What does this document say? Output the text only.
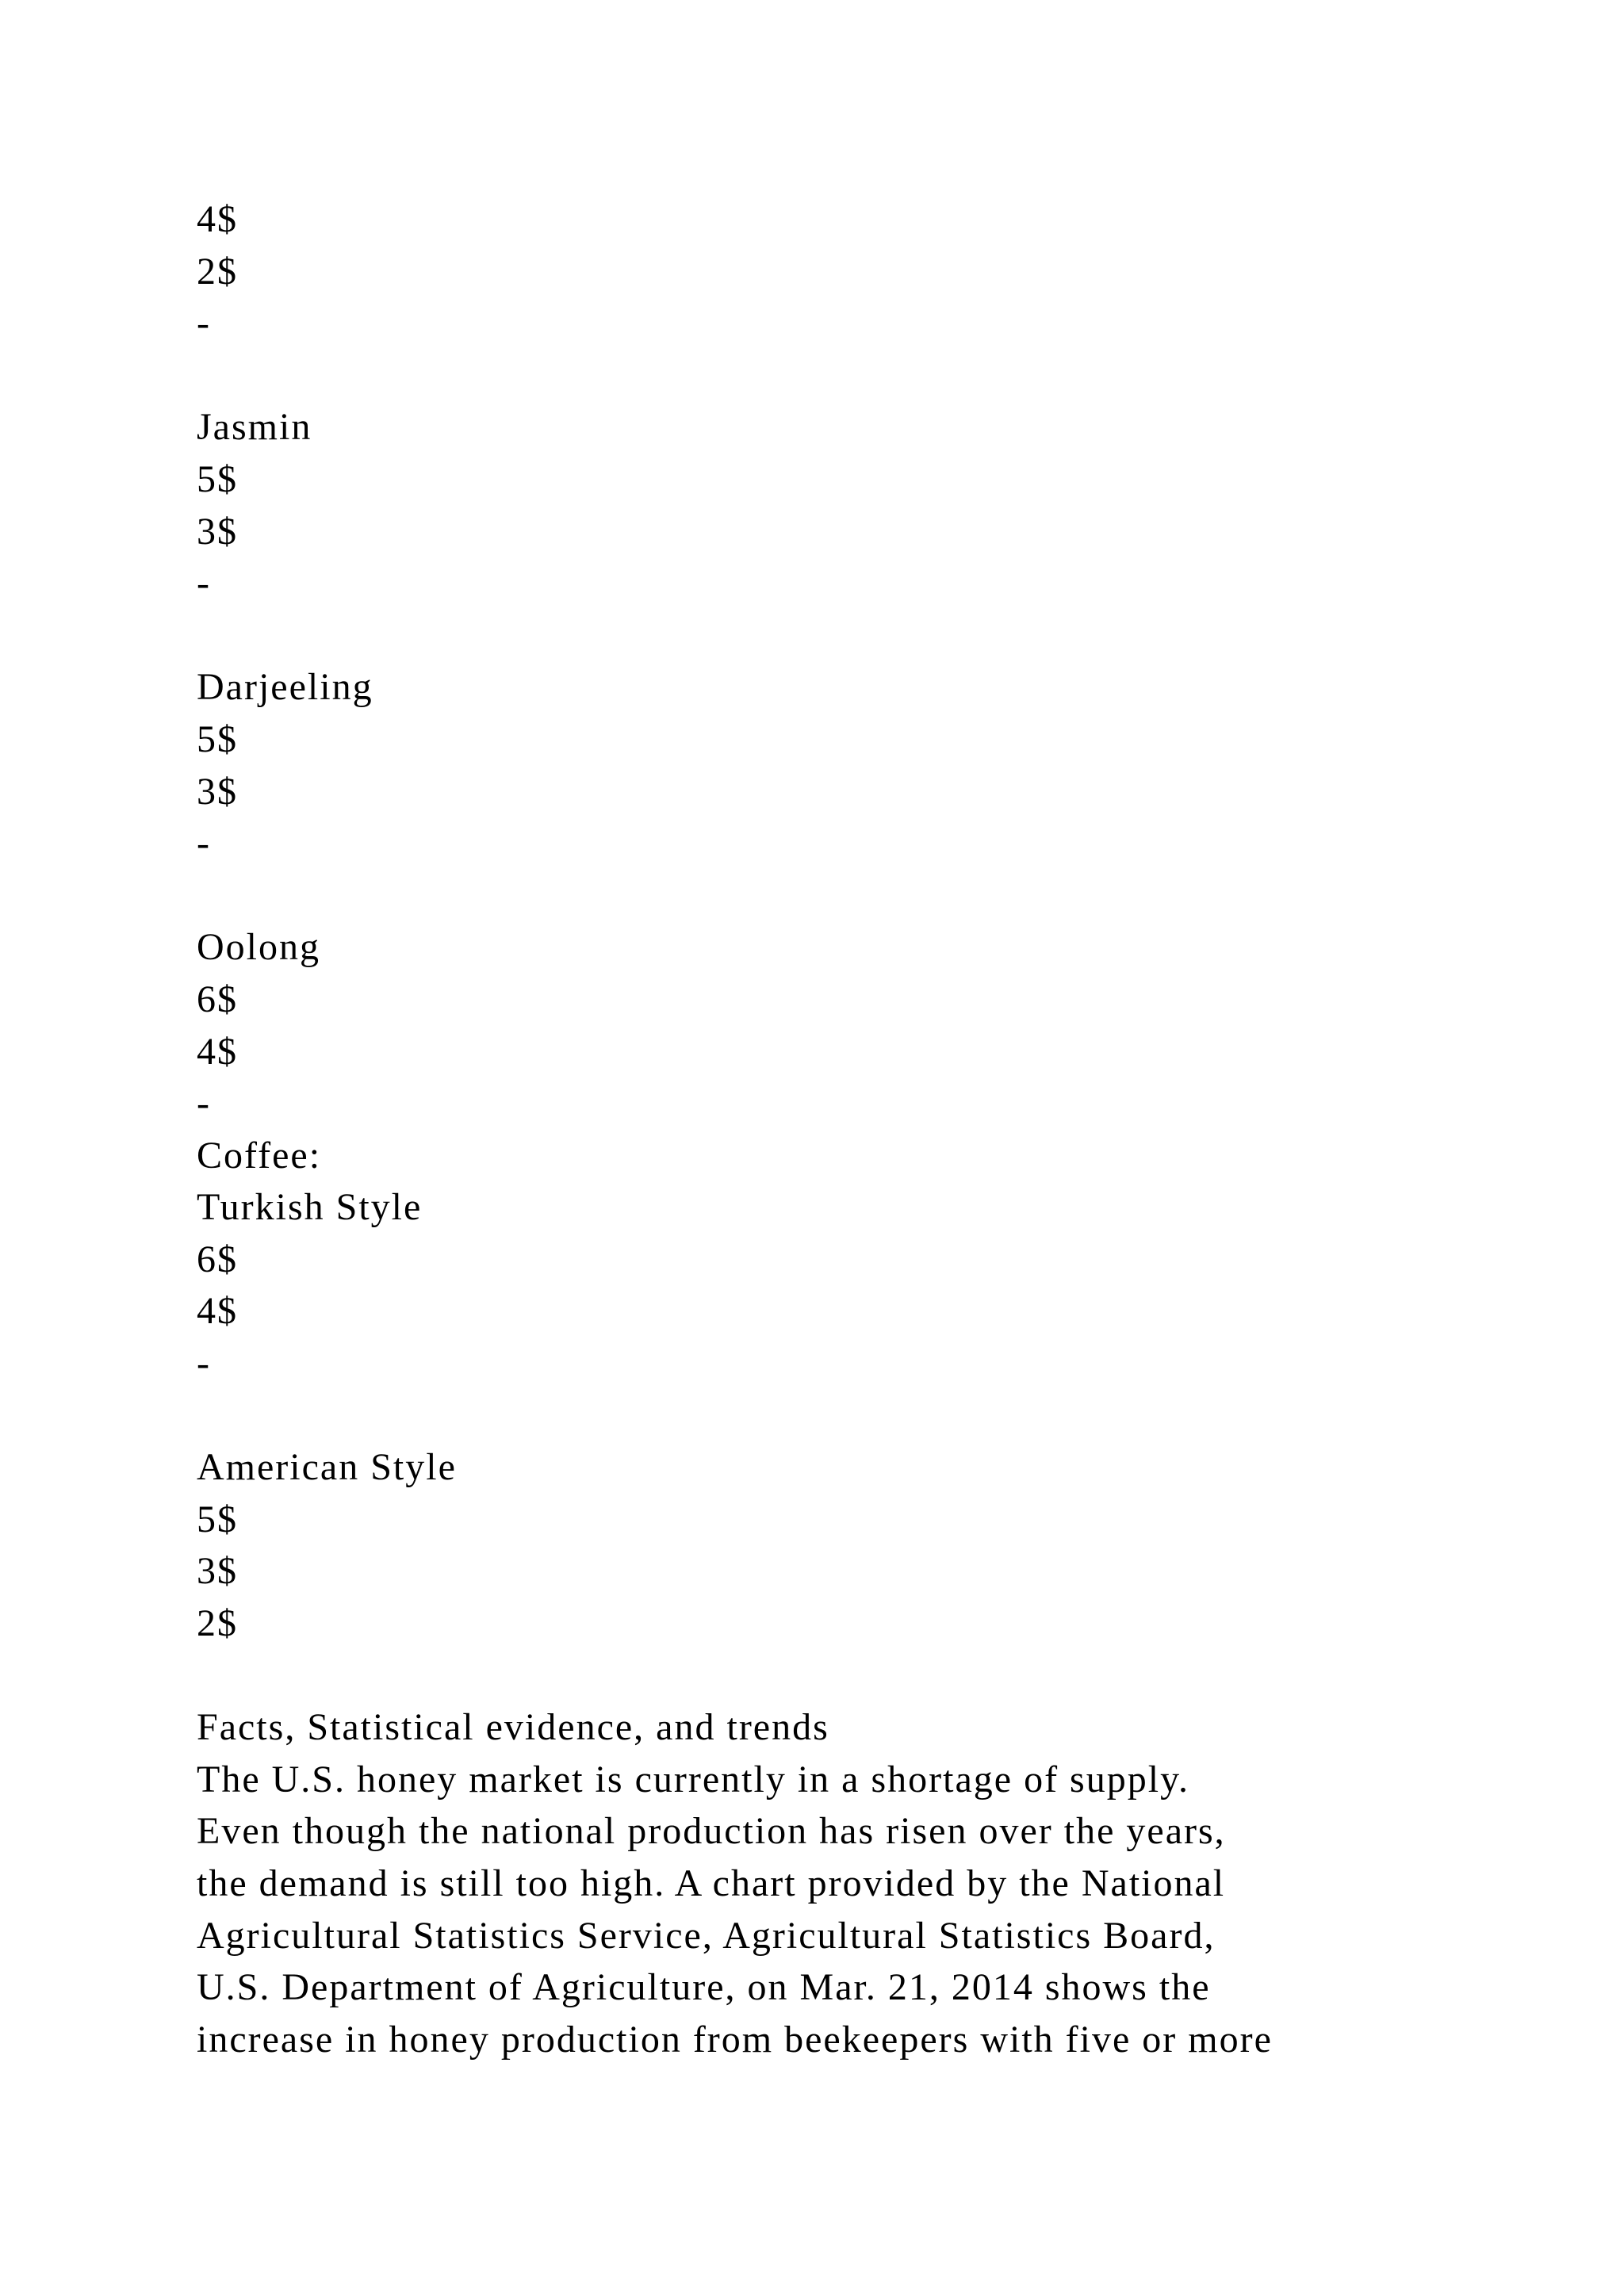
4$
2$
-
Jasmin
5$
3$
-
Darjeeling
5$
3$
-
Oolong
6$
4$
-
Coffee:
Turkish Style
6$
4$
-
American Style
5$
3$
2$
Facts, Statistical evidence, and trends
The U.S. honey market is currently in a shortage of supply.
Even though the national production has risen over the years,
the demand is still too high. A chart provided by the National
Agricultural Statistics Service, Agricultural Statistics Board,
U.S. Department of Agriculture, on Mar. 21, 2014 shows the
increase in honey production from beekeepers with five or more
